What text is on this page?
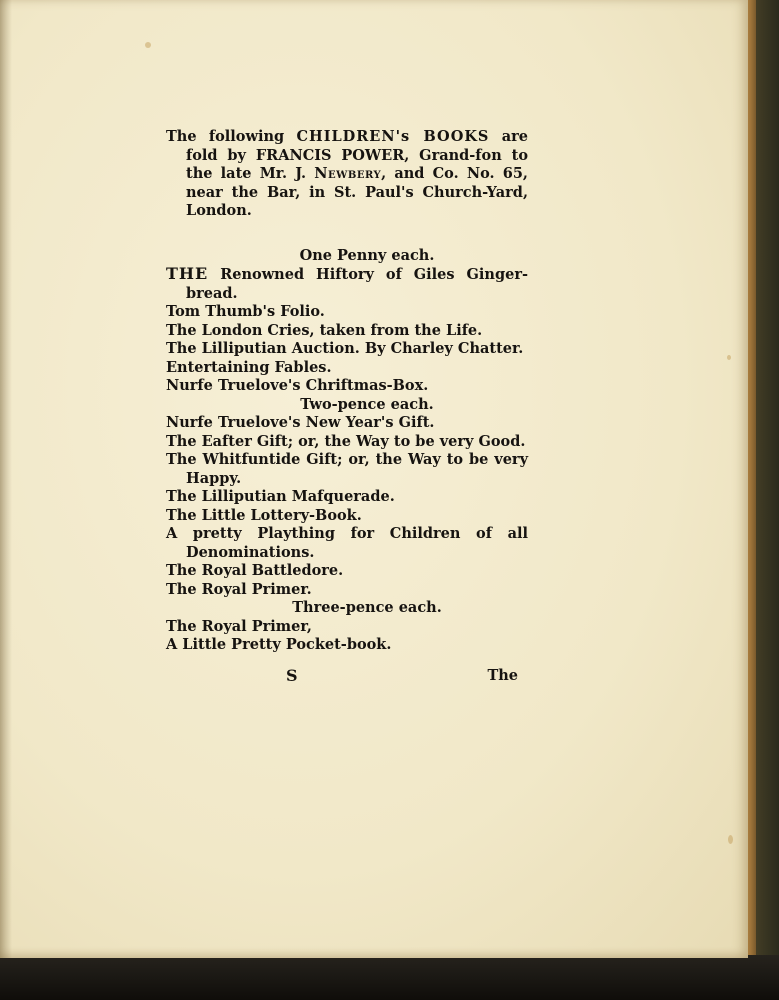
The following CHILDREN's BOOKS are fold by FRANCIS POWER, Grand-fon to the late Mr. J. Newbery, and Co. No. 65, near the Bar, in St. Paul's Church-Yard, London.

One Penny each.

THE Renowned Hiftory of Giles Ginger-bread.

Tom Thumb's Folio.

The London Cries, taken from the Life.

The Lilliputian Auction. By Charley Chatter.

Entertaining Fables.

Nurfe Truelove's Chriftmas-Box.

Two-pence each.

Nurfe Truelove's New Year's Gift.

The Eafter Gift; or, the Way to be very Good.

The Whitfuntide Gift; or, the Way to be very Happy.

The Lilliputian Mafquerade.

The Little Lottery-Book.

A pretty Plaything for Children of all Denominations.

The Royal Battledore.

The Royal Primer.

Three-pence each.

The Royal Primer,

A Little Pretty Pocket-book.

S	The
